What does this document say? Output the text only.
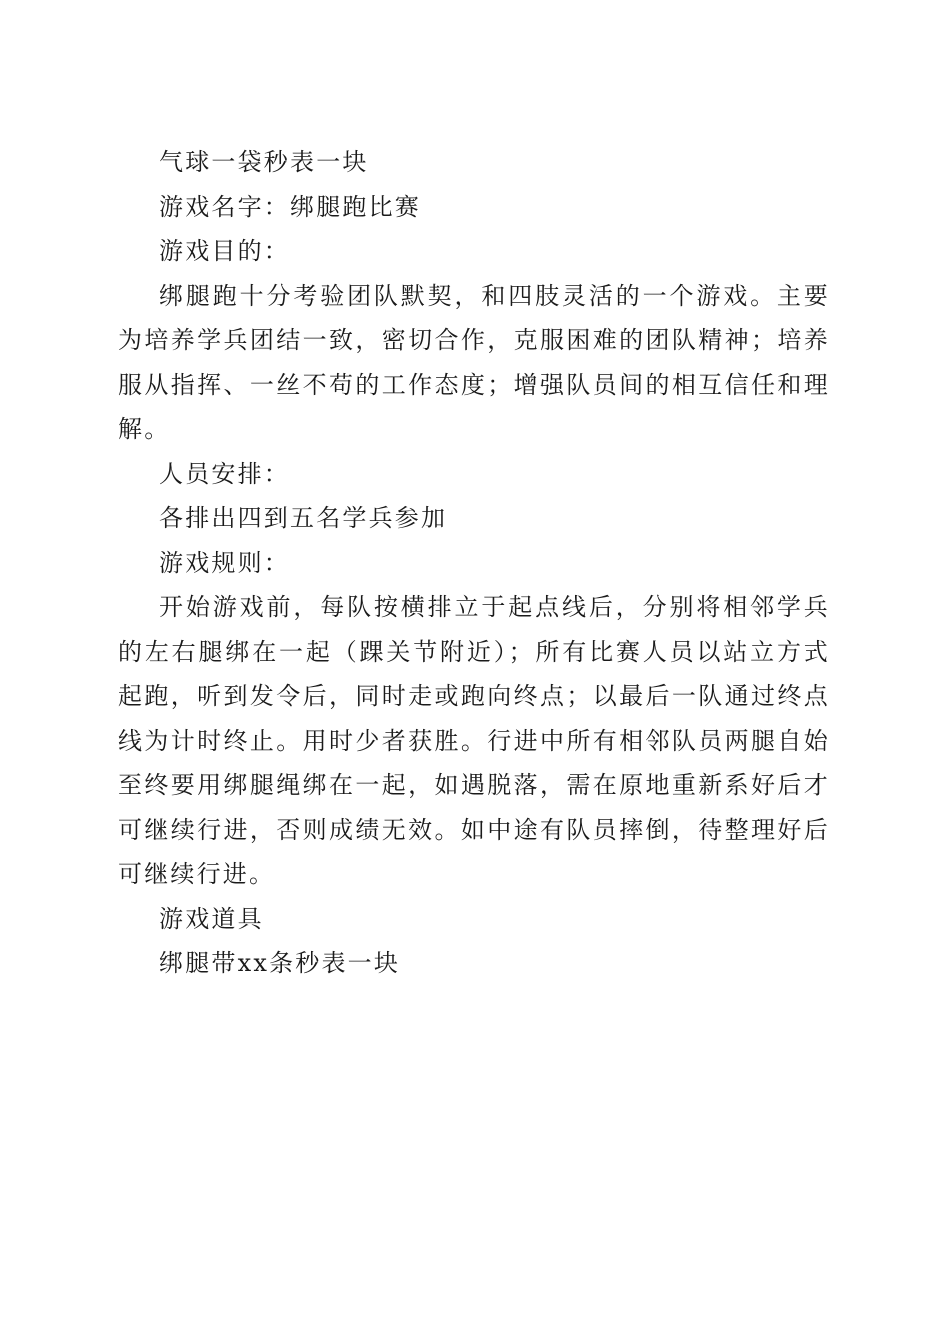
气球一袋秒表一块

游戏名字：绑腿跑比赛

游戏目的：

绑腿跑十分考验团队默契，和四肢灵活的一个游戏。主要为培养学兵团结一致，密切合作，克服困难的团队精神；培养服从指挥、一丝不苟的工作态度；增强队员间的相互信任和理解。

人员安排：

各排出四到五名学兵参加

游戏规则：

开始游戏前，每队按横排立于起点线后，分别将相邻学兵的左右腿绑在一起（踝关节附近）；所有比赛人员以站立方式起跑，听到发令后，同时走或跑向终点；以最后一队通过终点线为计时终止。用时少者获胜。行进中所有相邻队员两腿自始至终要用绑腿绳绑在一起，如遇脱落，需在原地重新系好后才可继续行进，否则成绩无效。如中途有队员摔倒，待整理好后可继续行进。

游戏道具

绑腿带xx条秒表一块
